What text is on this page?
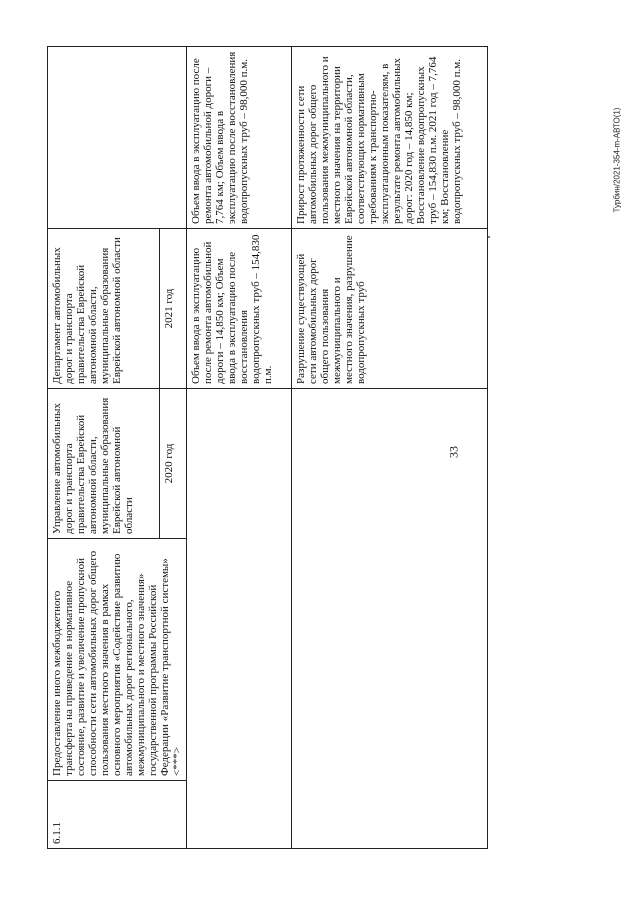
33
Турбин/2021-354-m-АВТО(1)
6.1.1	Предоставление иного межбюджетного трансферта на приведение в нормативное состояние, развитие и увеличение пропускной способности сети автомобильных дорог общего пользования местного значения в рамках основного мероприятия «Содействие развитию автомобильных дорог регионального, межмуниципального и местного значения» государственной программы Российской Федерации «Развитие транспортной системы» <***>	Управление автомобильных дорог и транспорта правительства Еврейской автономной области, муниципальные образования Еврейской автономной области	Департамент автомобильных дорог и транспорта правительства Еврейской автономной области, муниципальные образования Еврейской автономной области	
		2020 год	2021 год	
			Объем ввода в эксплуатацию после ремонта автомобильной дороги – 14,850 км; Объем ввода в эксплуатацию после восстановления водопропускных труб – 154,830 п.м.	Объем ввода в эксплуатацию после ремонта автомобильной дороги – 7,764 км; Объем ввода в эксплуатацию после восстановления водопропускных труб – 98,000 п.м.
			Разрушение существующей сети автомобильных дорог общего пользования межмуниципального и местного значения, разрушение водопропускных труб	Прирост протяженности сети автомобильных дорог общего пользования межмуниципального и местного значения на территории Еврейской автономной области, соответствующих нормативным требованиям к транспортно-эксплуатационным показателям, в результате ремонта автомобильных дорог: 2020 год – 14,850 км; Восстановление водопропускных труб – 154,830 п.м. 2021 год – 7,764 км; Восстановление водопропускных труб – 98,000 п.м.
